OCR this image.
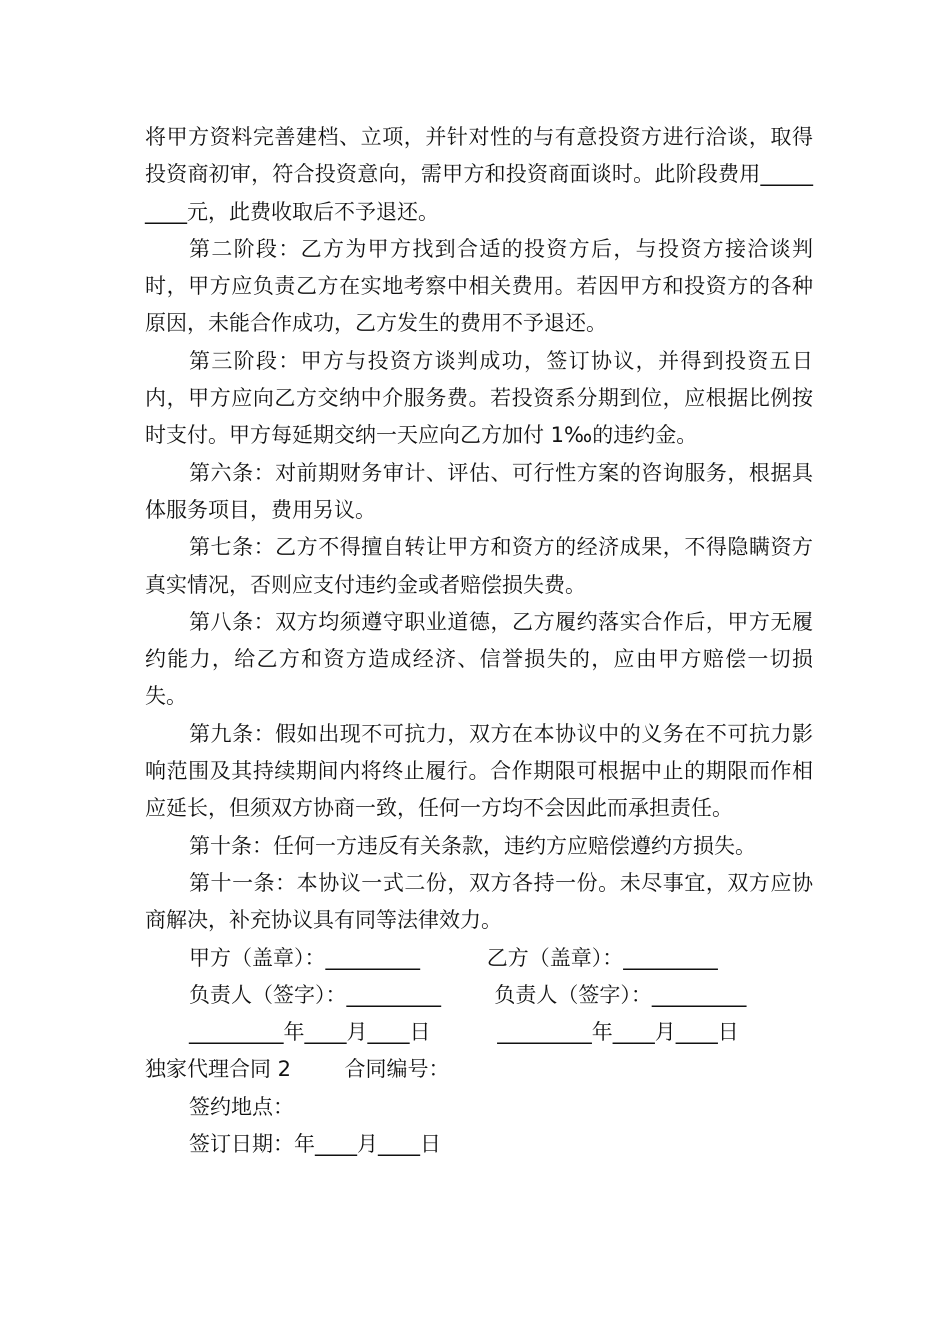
将甲方资料完善建档、立项，并针对性的与有意投资方进行洽谈，取得投资商初审，符合投资意向，需甲方和投资商面谈时。此阶段费用_________元，此费收取后不予退还。

第二阶段：乙方为甲方找到合适的投资方后，与投资方接洽谈判时，甲方应负责乙方在实地考察中相关费用。若因甲方和投资方的各种原因，未能合作成功，乙方发生的费用不予退还。

第三阶段：甲方与投资方谈判成功，签订协议，并得到投资五日内，甲方应向乙方交纳中介服务费。若投资系分期到位，应根据比例按时支付。甲方每延期交纳一天应向乙方加付 1‰的违约金。

第六条：对前期财务审计、评估、可行性方案的咨询服务，根据具体服务项目，费用另议。

第七条：乙方不得擅自转让甲方和资方的经济成果，不得隐瞒资方真实情况，否则应支付违约金或者赔偿损失费。

第八条：双方均须遵守职业道德，乙方履约落实合作后，甲方无履约能力，给乙方和资方造成经济、信誉损失的，应由甲方赔偿一切损失。

第九条：假如出现不可抗力，双方在本协议中的义务在不可抗力影响范围及其持续期间内将终止履行。合作期限可根据中止的期限而作相应延长，但须双方协商一致，任何一方均不会因此而承担责任。

第十条：任何一方违反有关条款，违约方应赔偿遵约方损失。

第十一条：本协议一式二份，双方各持一份。未尽事宜，双方应协商解决，补充协议具有同等法律效力。

甲方（盖章）：_________          乙方（盖章）：_________

负责人（签字）：_________        负责人（签字）：_________

_________年____月____日          _________年____月____日

独家代理合同 2        合同编号：

签约地点：

签订日期：年____月____日
